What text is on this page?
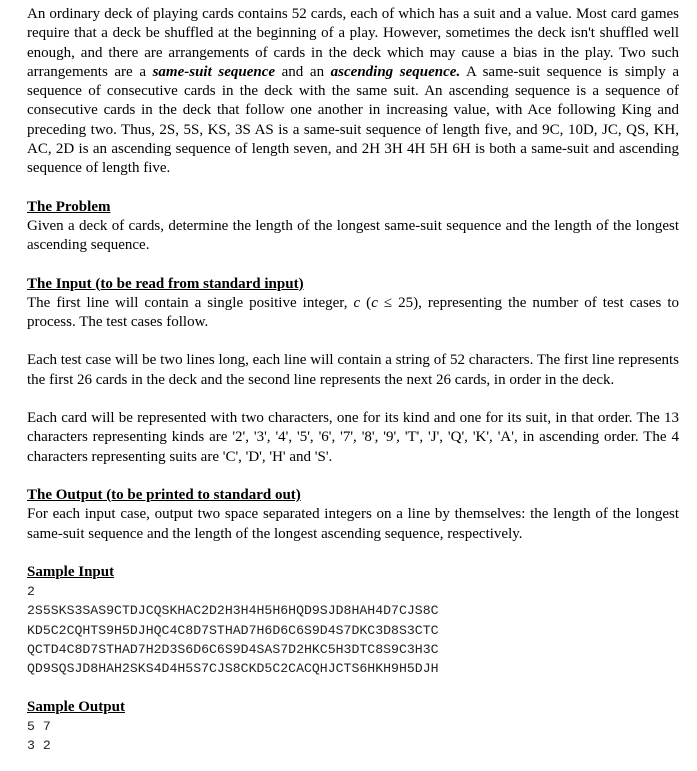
An ordinary deck of playing cards contains 52 cards, each of which has a suit and a value. Most card games require that a deck be shuffled at the beginning of a play. However, sometimes the deck isn't shuffled well enough, and there are arrangements of cards in the deck which may cause a bias in the play. Two such arrangements are a same-suit sequence and an ascending sequence. A same-suit sequence is simply a sequence of consecutive cards in the deck with the same suit. An ascending sequence is a sequence of consecutive cards in the deck that follow one another in increasing value, with Ace following King and preceding two. Thus, 2S, 5S, KS, 3S AS is a same-suit sequence of length five, and 9C, 10D, JC, QS, KH, AC, 2D is an ascending sequence of length seven, and 2H 3H 4H 5H 6H is both a same-suit and ascending sequence of length five.

The Problem

Given a deck of cards, determine the length of the longest same-suit sequence and the length of the longest ascending sequence.

The Input (to be read from standard input)

The first line will contain a single positive integer, c (c ≤ 25), representing the number of test cases to process. The test cases follow.

Each test case will be two lines long, each line will contain a string of 52 characters. The first line represents the first 26 cards in the deck and the second line represents the next 26 cards, in order in the deck.

Each card will be represented with two characters, one for its kind and one for its suit, in that order. The 13 characters representing kinds are '2', '3', '4', '5', '6', '7', '8', '9', 'T', 'J', 'Q', 'K', 'A', in ascending order. The 4 characters representing suits are 'C', 'D', 'H' and 'S'.

The Output (to be printed to standard out)

For each input case, output two space separated integers on a line by themselves: the length of the longest same-suit sequence and the length of the longest ascending sequence, respectively.

Sample Input

2
2S5SKS3SAS9CTDJCQSKHAC2D2H3H4H5H6HQD9SJD8HAH4D7CJS8C
KD5C2CQHTS9H5DJHQC4C8D7STHAD7H6D6C6S9D4S7DKC3D8S3CTC
QCTD4C8D7STHAD7H2D3S6D6C6S9D4SAS7D2HKC5H3DTC8S9C3H3C
QD9SQSJD8HAH2SKS4D4H5S7CJS8CKD5C2CACQHJCTS6HKH9H5DJH

Sample Output

5 7
3 2
